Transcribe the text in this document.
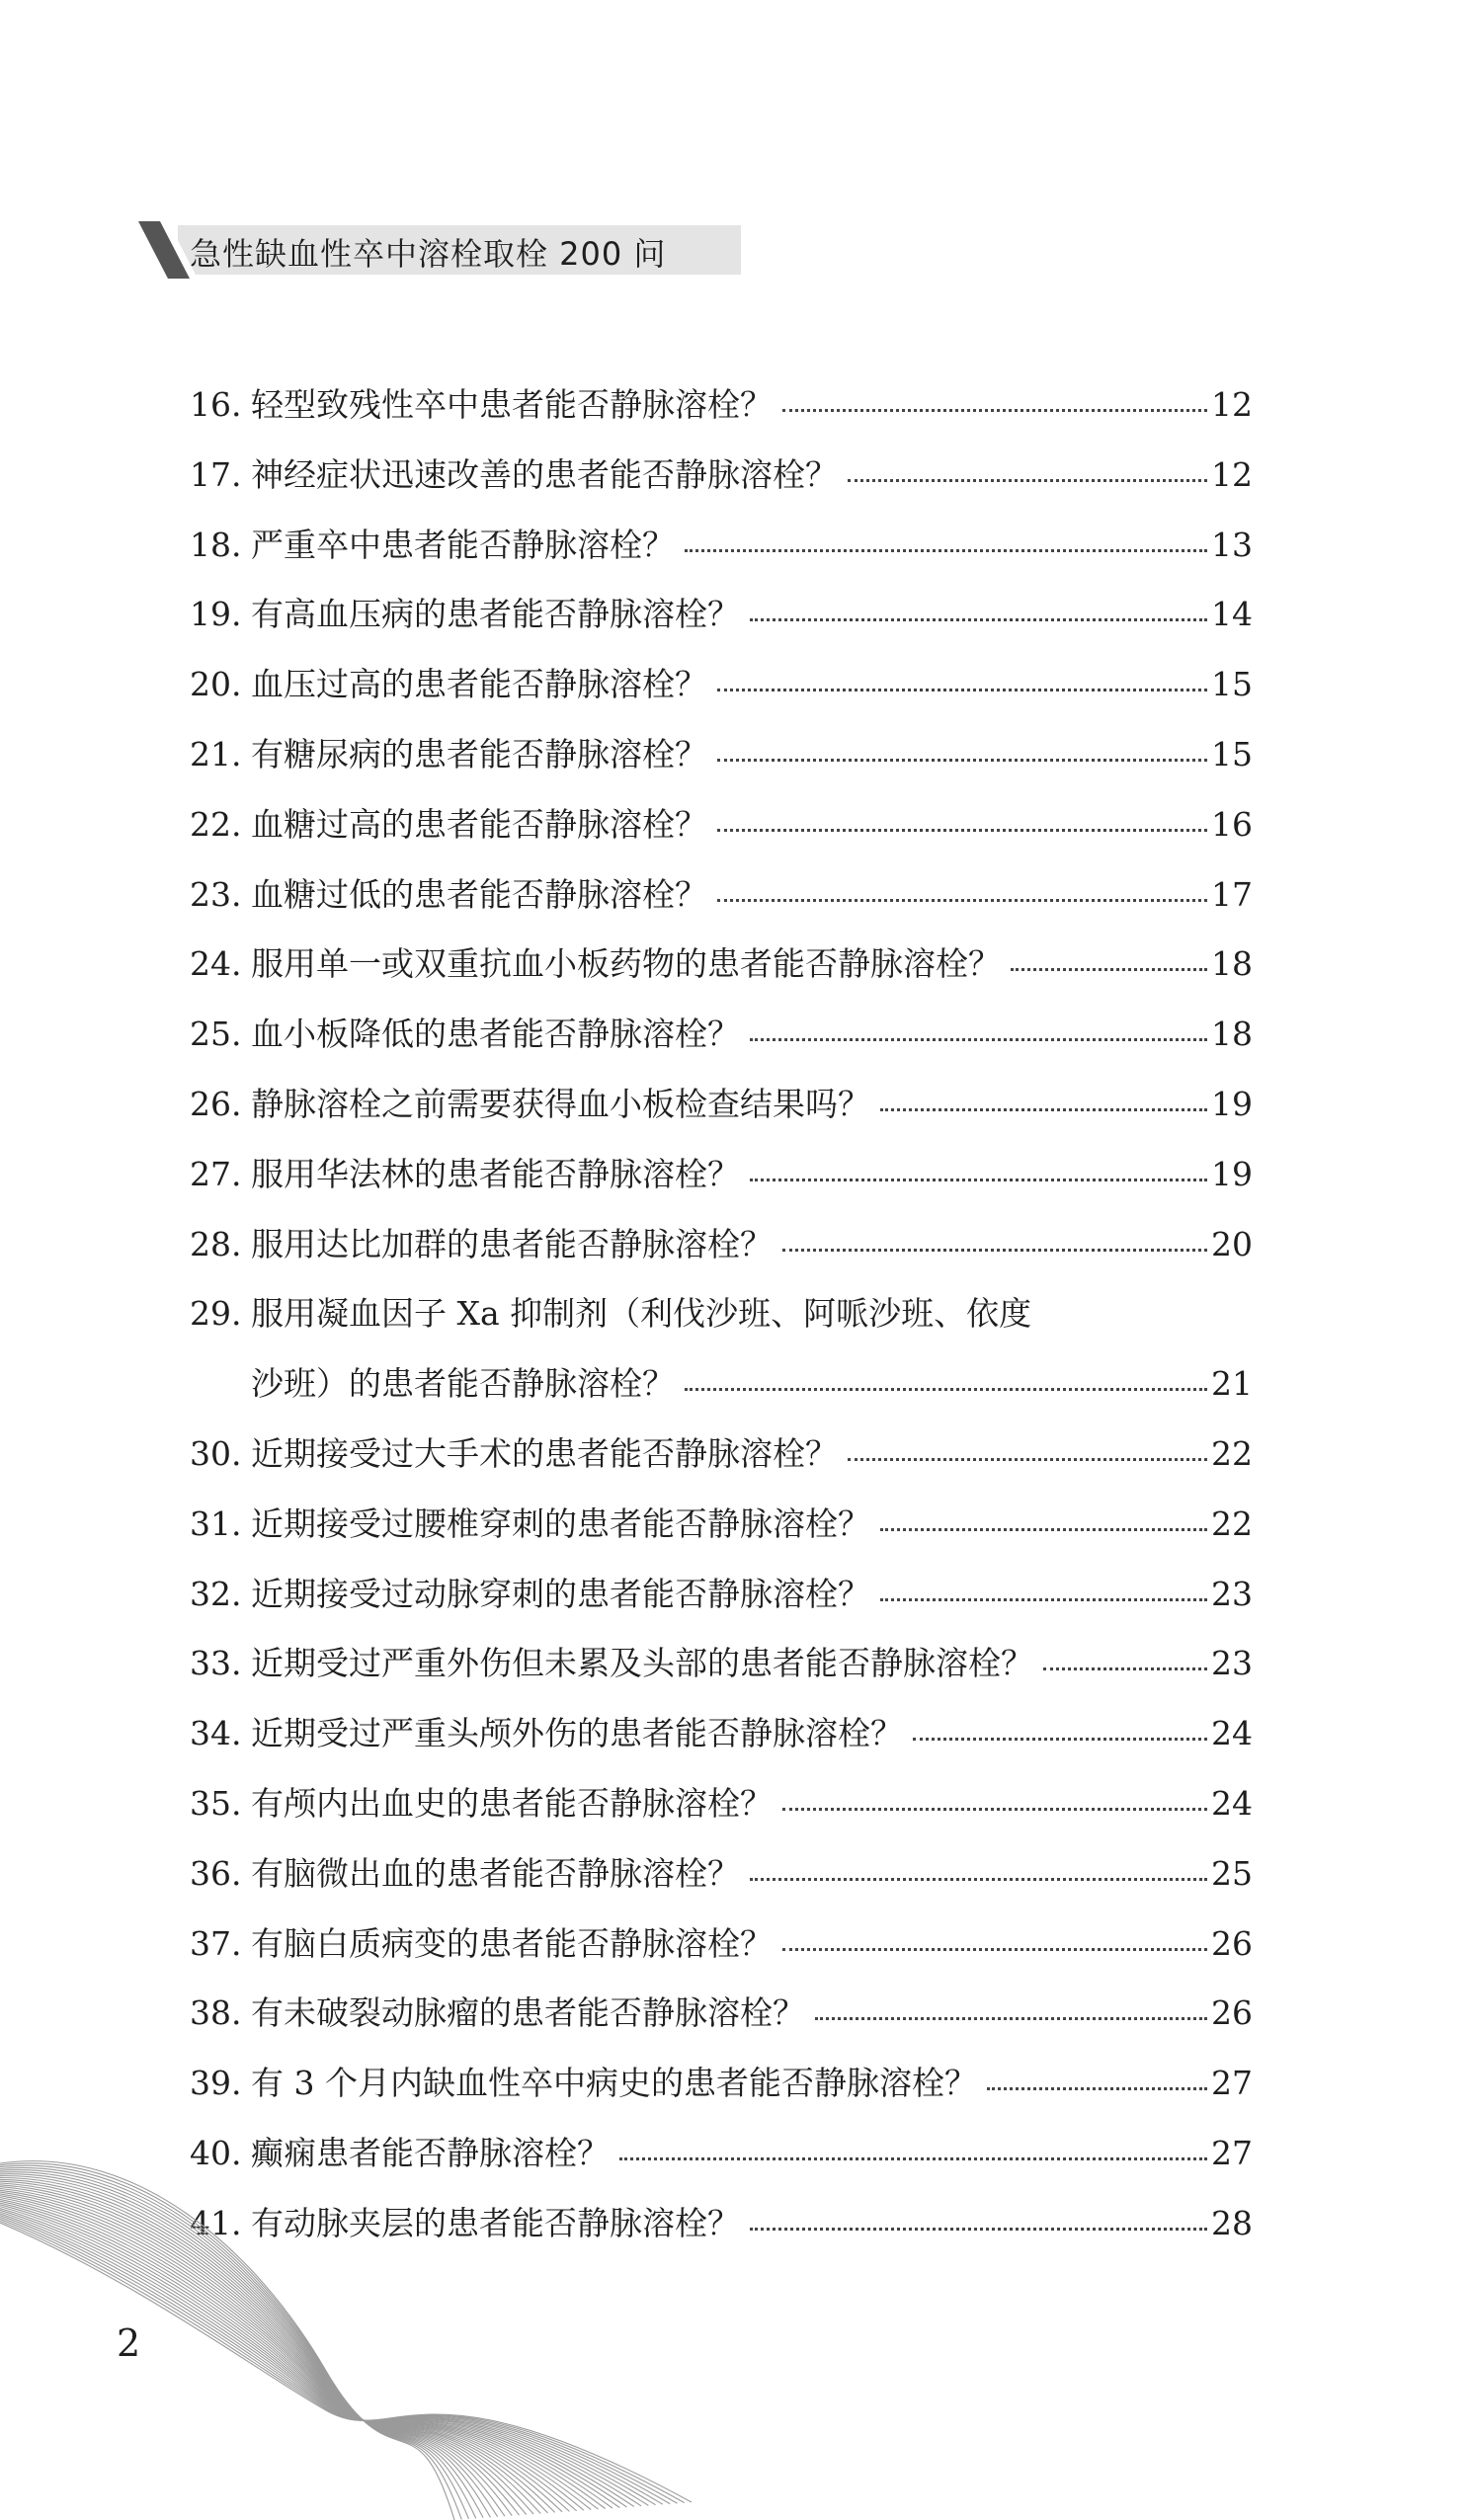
急性缺血性卒中溶栓取栓 200 问
16. 轻型致残性卒中患者能否静脉溶栓？	12
17. 神经症状迅速改善的患者能否静脉溶栓？	12
18. 严重卒中患者能否静脉溶栓？	13
19. 有高血压病的患者能否静脉溶栓？	14
20. 血压过高的患者能否静脉溶栓？	15
21. 有糖尿病的患者能否静脉溶栓？	15
22. 血糖过高的患者能否静脉溶栓？	16
23. 血糖过低的患者能否静脉溶栓？	17
24. 服用单一或双重抗血小板药物的患者能否静脉溶栓？	18
25. 血小板降低的患者能否静脉溶栓？	18
26. 静脉溶栓之前需要获得血小板检查结果吗？	19
27. 服用华法林的患者能否静脉溶栓？	19
28. 服用达比加群的患者能否静脉溶栓？	20
29. 服用凝血因子 Xa 抑制剂（利伐沙班、阿哌沙班、依度
沙班）的患者能否静脉溶栓？	21
30. 近期接受过大手术的患者能否静脉溶栓？	22
31. 近期接受过腰椎穿刺的患者能否静脉溶栓？	22
32. 近期接受过动脉穿刺的患者能否静脉溶栓？	23
33. 近期受过严重外伤但未累及头部的患者能否静脉溶栓？	23
34. 近期受过严重头颅外伤的患者能否静脉溶栓？	24
35. 有颅内出血史的患者能否静脉溶栓？	24
36. 有脑微出血的患者能否静脉溶栓？	25
37. 有脑白质病变的患者能否静脉溶栓？	26
38. 有未破裂动脉瘤的患者能否静脉溶栓？	26
39. 有 3 个月内缺血性卒中病史的患者能否静脉溶栓？	27
40. 癫痫患者能否静脉溶栓？	27
41. 有动脉夹层的患者能否静脉溶栓？	28
2
